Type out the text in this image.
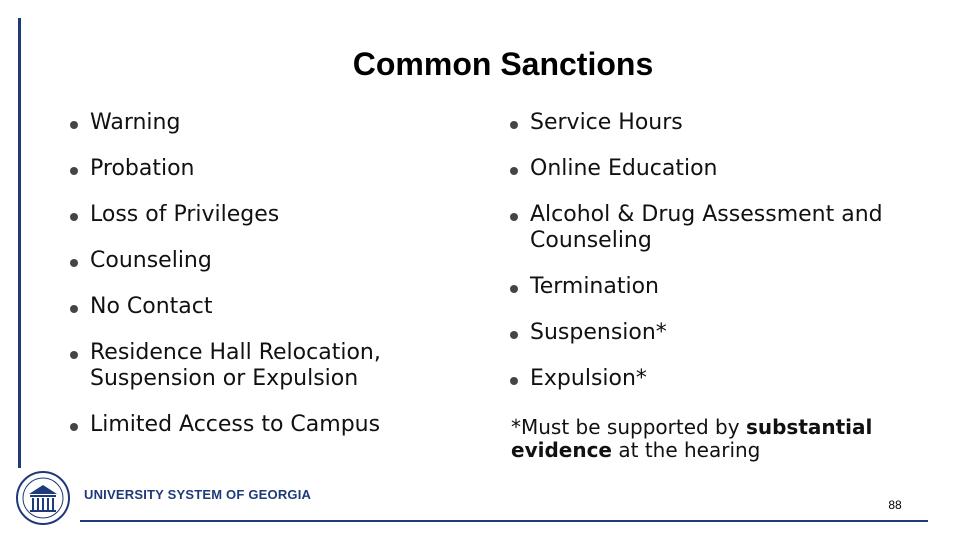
Common Sanctions
Warning
Probation
Loss of Privileges
Counseling
No Contact
Residence Hall Relocation,
Suspension or Expulsion
Limited Access to Campus
Service Hours
Online Education
Alcohol & Drug Assessment and
Counseling
Termination
Suspension*
Expulsion*
*Must be supported by substantial
evidence at the hearing
UNIVERSITY SYSTEM OF GEORGIA
88
